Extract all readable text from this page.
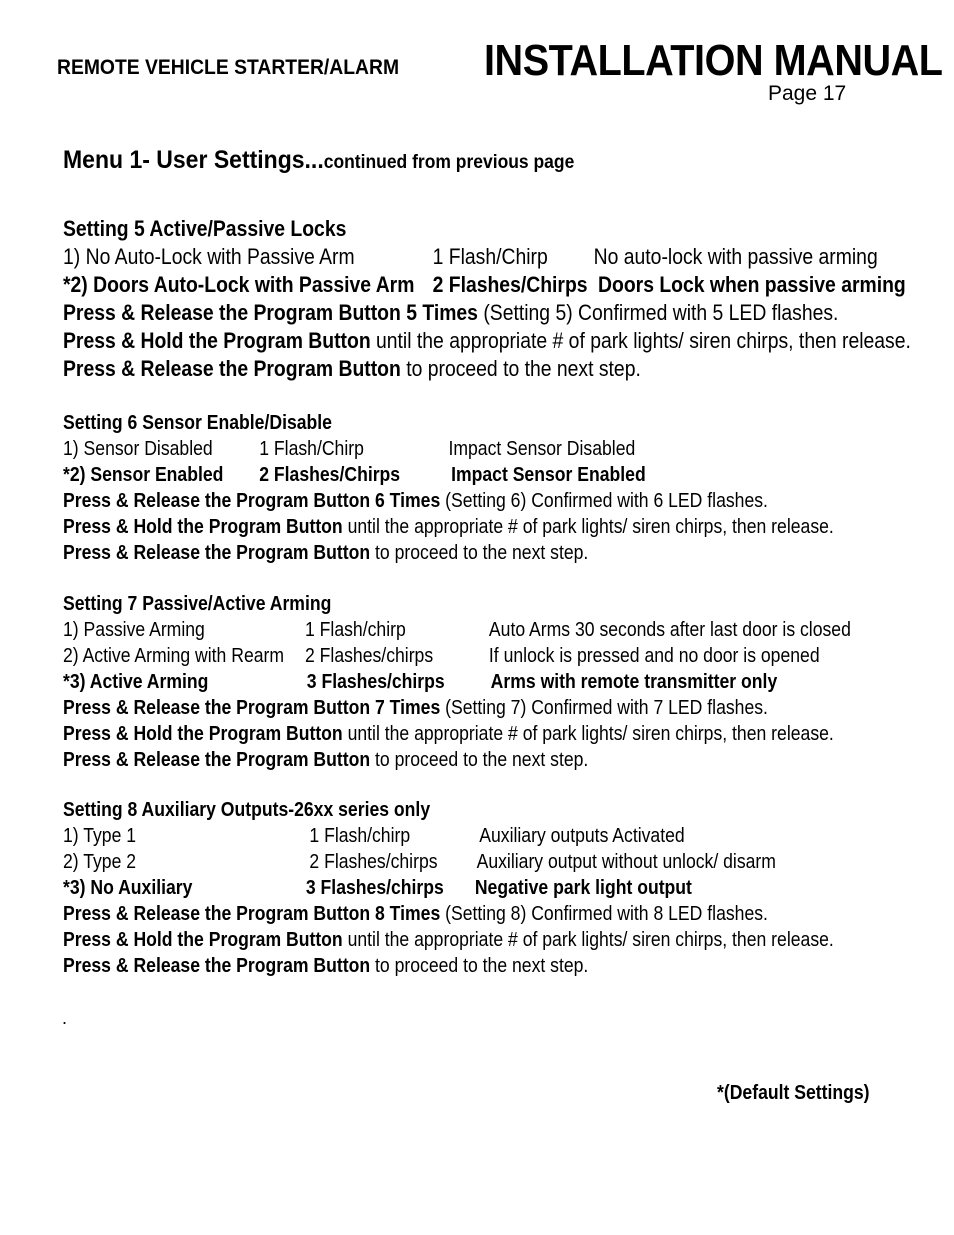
REMOTE VEHICLE STARTER/ALARM INSTALLATION MANUAL
Page 17
Menu 1- User Settings...continued from previous page
Setting 5 Active/Passive Locks
1) No Auto-Lock with Passive Arm	1 Flash/Chirp No auto-lock with passive arming
*2) Doors Auto-Lock with Passive Arm 2 Flashes/Chirps Doors Lock when passive arming
Press & Release the Program Button 5 Times (Setting 5) Confirmed with 5 LED flashes.
Press & Hold the Program Button until the appropriate # of park lights/ siren chirps, then release.
Press & Release the Program Button to proceed to the next step.
Setting 6 Sensor Enable/Disable
1) Sensor Disabled 1 Flash/Chirp	Impact Sensor Disabled
*2) Sensor Enabled 2 Flashes/Chirps	Impact Sensor Enabled
Press & Release the Program Button 6 Times (Setting 6) Confirmed with 6 LED flashes.
Press & Hold the Program Button until the appropriate # of park lights/ siren chirps, then release.
Press & Release the Program Button to proceed to the next step.
Setting 7 Passive/Active Arming
1) Passive Arming	1 Flash/chirp	Auto Arms 30 seconds after last door is closed
2) Active Arming with Rearm 2 Flashes/chirps	If unlock is pressed and no door is opened
*3) Active Arming	3 Flashes/chirps Arms with remote transmitter only
Press & Release the Program Button 7 Times (Setting 7) Confirmed with 7 LED flashes.
Press & Hold the Program Button until the appropriate # of park lights/ siren chirps, then release.
Press & Release the Program Button to proceed to the next step.
Setting 8 Auxiliary Outputs-26xx series only
1) Type 1	1 Flash/chirp	Auxiliary outputs Activated
2) Type 2	2 Flashes/chirps Auxiliary output without unlock/ disarm
*3) No Auxiliary	3 Flashes/chirps Negative park light output
Press & Release the Program Button 8 Times (Setting 8) Confirmed with 8 LED flashes.
Press & Hold the Program Button until the appropriate # of park lights/ siren chirps, then release.
Press & Release the Program Button to proceed to the next step.
.
*(Default Settings)
